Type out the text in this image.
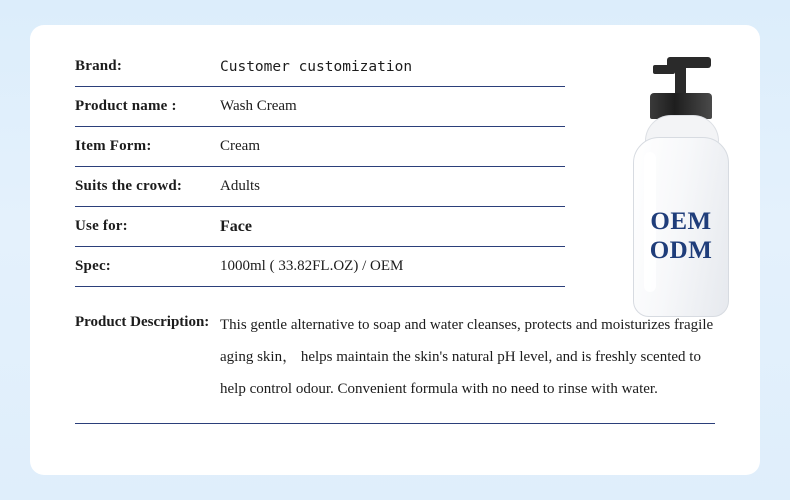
Brand:	Customer customization
Product name :	Wash Cream
Item Form:	Cream
Suits the crowd:	Adults
Use for:	Face
Spec:	1000ml ( 33.82FL.OZ) / OEM
Product Description: This gentle alternative to soap and water cleanses, protects and moisturizes fragile aging skin， helps maintain the skin's natural pH level, and is freshly scented to help control odour. Convenient formula with no need to rinse with water.
OEM
ODM
